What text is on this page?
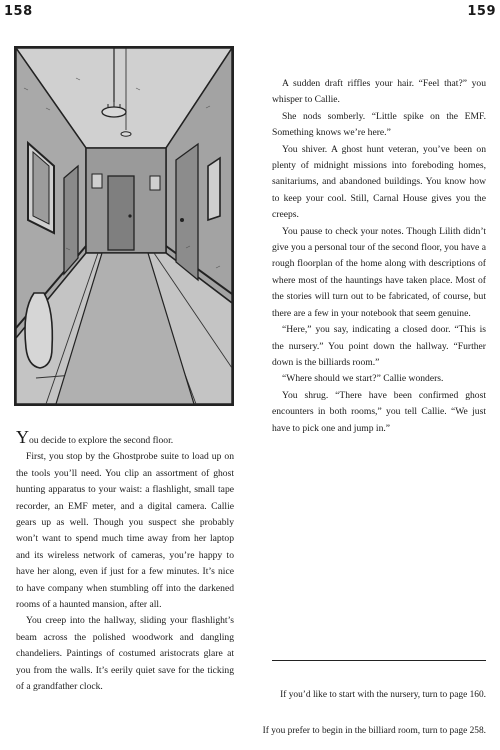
158	159

You decide to explore the second floor.

First, you stop by the Ghostprobe suite to load up on the tools you’ll need. You clip an assortment of ghost hunting apparatus to your waist: a flashlight, small tape recorder, an EMF meter, and a digital camera. Callie gears up as well. Though you suspect she probably won’t want to spend much time away from her laptop and its wireless network of cameras, you’re happy to have her along, even if just for a few minutes. It’s nice to have company when stumbling off into the darkened rooms of a haunted mansion, after all.

You creep into the hallway, sliding your flashlight’s beam across the polished woodwork and dangling chandeliers. Paintings of costumed aristocrats glare at you from the walls. It’s eerily quiet save for the ticking of a grandfather clock.

A sudden draft riffles your hair. “Feel that?” you whisper to Callie.

She nods somberly. “Little spike on the EMF. Something knows we’re here.”

You shiver. A ghost hunt veteran, you’ve been on plenty of midnight missions into foreboding homes, sanitariums, and abandoned buildings. You know how to keep your cool. Still, Carnal House gives you the creeps.

You pause to check your notes. Though Lilith didn’t give you a personal tour of the second floor, you have a rough floorplan of the home along with descriptions of where most of the hauntings have taken place. Most of the stories will turn out to be fabricated, of course, but there are a few in your notebook that seem genuine.

“Here,” you say, indicating a closed door. “This is the nursery.” You point down the hallway. “Further down is the billiards room.”

“Where should we start?” Callie wonders.

You shrug. “There have been confirmed ghost encounters in both rooms,” you tell Callie. “We just have to pick one and jump in.”

If you’d like to start with the nursery, turn to page 160.
If you prefer to begin in the billiard room, turn to page 258.
